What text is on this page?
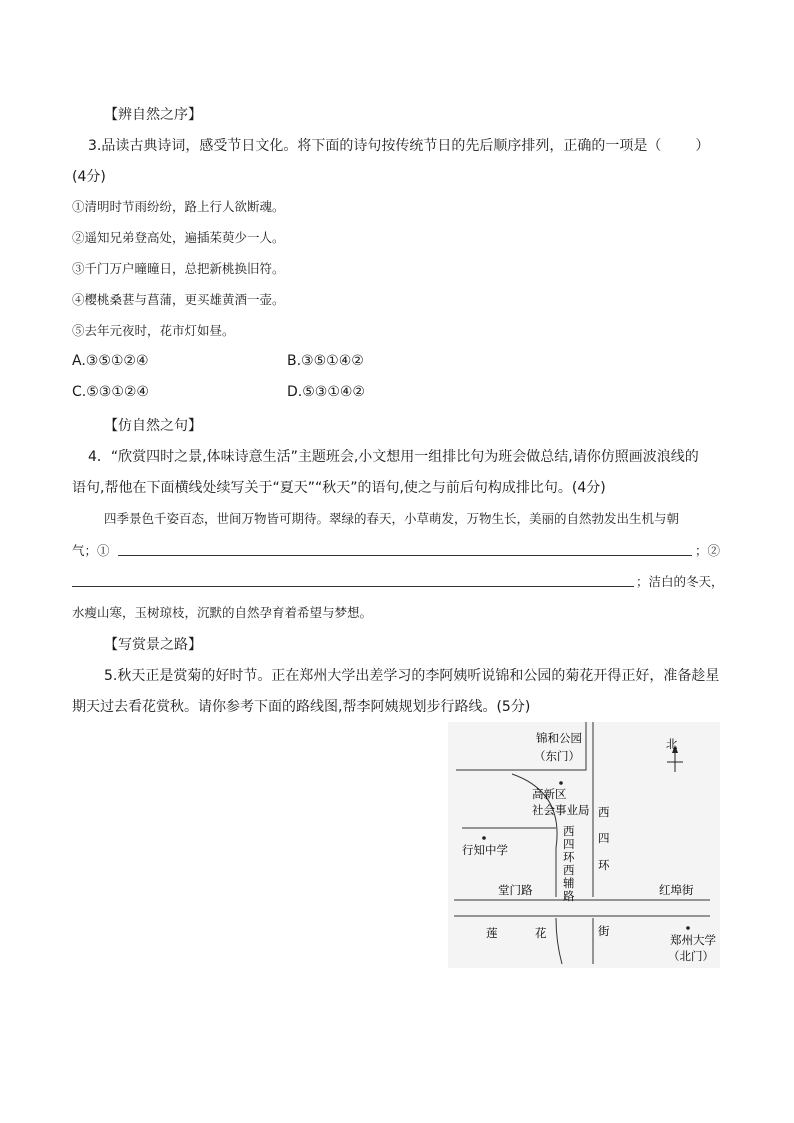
【辨自然之序】
3.品读古典诗词，感受节日文化。将下面的诗句按传统节日的先后顺序排列，正确的一项是（ ）
(4分)
①清明时节雨纷纷，路上行人欲断魂。
②遥知兄弟登高处，遍插茱萸少一人。
③千门万户曈曈日，总把新桃换旧符。
④樱桃桑葚与菖蒲，更买雄黄酒一壶。
⑤去年元夜时，花市灯如昼。
A.③⑤①②④	B.③⑤①④②
C.⑤③①②④	D.⑤③①④②
【仿自然之句】
4．“欣赏四时之景,体味诗意生活”主题班会,小文想用一组排比句为班会做总结,请你仿照画波浪线的
语句,帮他在下面横线处续写关于“夏天”“秋天”的语句,使之与前后句构成排比句。(4分)
四季景色千姿百态，世间万物皆可期待。翠绿的春天，小草萌发，万物生长，美丽的自然勃发出生机与朝
气；①	；②
；洁白的冬天，
水瘦山寒，玉树琼枝，沉默的自然孕育着希望与梦想。
【写赏景之路】
5.秋天正是赏菊的好时节。正在郑州大学出差学习的李阿姨听说锦和公园的菊花开得正好，准备趁星
期天过去看花赏秋。请你参考下面的路线图,帮李阿姨规划步行路线。(5分)
北
锦和公园
（东门）
高新区
社会事业局
行知中学
西
四
环
西
四
环
西
辅
路
堂门路	红埠街
莲	花	街
郑州大学
（北门）
